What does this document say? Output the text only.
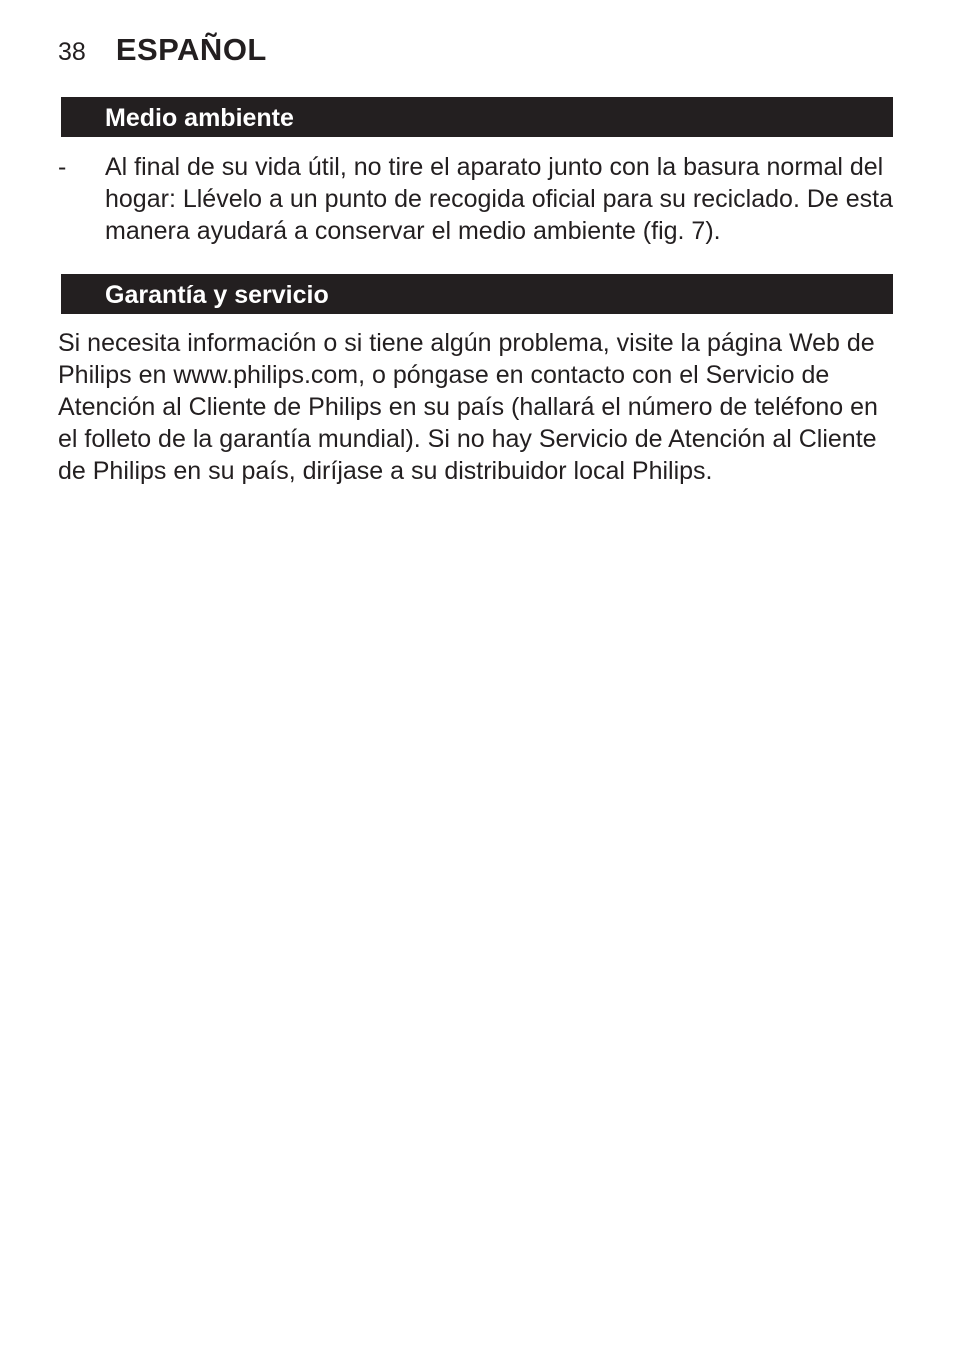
38 ESPAÑOL
Medio ambiente
- Al final de su vida útil, no tire el aparato junto con la basura normal del hogar: Llévelo a un punto de recogida oficial para su reciclado. De esta manera ayudará a conservar el medio ambiente (fig. 7).
Garantía y servicio
Si necesita información o si tiene algún problema, visite la página Web de Philips en www.philips.com, o póngase en contacto con el Servicio de Atención al Cliente de Philips en su país (hallará el número de teléfono en el folleto de la garantía mundial). Si no hay Servicio de Atención al Cliente de Philips en su país, diríjase a su distribuidor local Philips.
